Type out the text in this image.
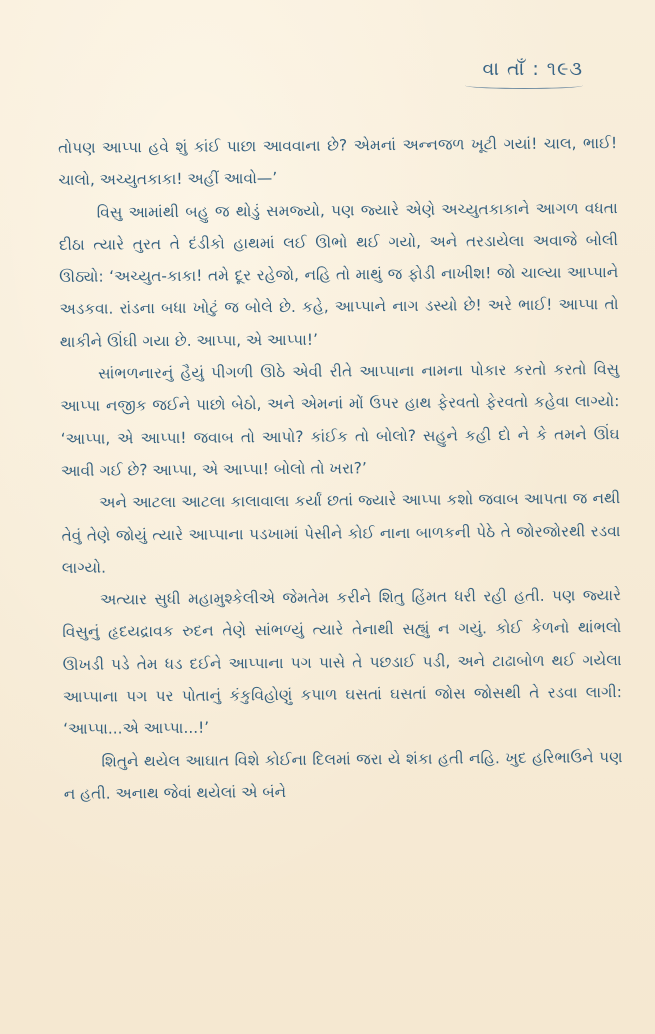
વા તાઁ : ૧૯૩

તોપણ આપ્પા હવે શું કાંઈ પાછા આવવાના છે? એમનાં અન્નજળ ખૂટી ગયાં! ચાલ, ભાઈ! ચાલો, અચ્યુતકાકા! અહીં આવો—’

વિસુ આમાંથી બહુ જ થોડું સમજ્યો, પણ જ્યારે એણે અચ્યુતકાકાને આગળ વધતા દીઠા ત્યારે તુરત તે દંડીકો હાથમાં લઈ ઊભો થઈ ગયો, અને તરડાયેલા અવાજે બોલી ઊઠ્યો: ‘અચ્યુત-કાકા! તમે દૂર રહેજો, નહિ તો માથું જ ફોડી નાખીશ! જો ચાલ્યા આપ્પાને અડકવા. રાંડના બધા ખોટું જ બોલે છે. કહે, આપ્પાને નાગ ડસ્યો છે! અરે ભાઈ! આપ્પા તો થાકીને ઊંઘી ગયા છે. આપ્પા, એ આપ્પા!’

સાંભળનારનું હૈયું પીગળી ઊઠે એવી રીતે આપ્પાના નામના પોકાર કરતો કરતો વિસુ આપ્પા નજીક જઈને પાછો બેઠો, અને એમનાં મોં ઉપર હાથ ફેરવતો ફેરવતો કહેવા લાગ્યો: ‘આપ્પા, એ આપ્પા! જવાબ તો આપો? કાંઈક તો બોલો? સહુને કહી દો ને કે તમને ઊંઘ આવી ગઈ છે? આપ્પા, એ આપ્પા! બોલો તો ખરા?’

અને આટલા આટલા કાલાવાલા કર્યાં છતાં જ્યારે આપ્પા કશો જવાબ આપતા જ નથી તેવું તેણે જોયું ત્યારે આપ્પાના પડખામાં પેસીને કોઈ નાના બાળકની પેઠે તે જોરજોરથી રડવા લાગ્યો.

અત્યાર સુધી મહામુશ્કેલીએ જેમતેમ કરીને શિતુ હિંમત ધરી રહી હતી. પણ જ્યારે વિસુનું હૃદયદ્રાવક રુદન તેણે સાંભળ્યું ત્યારે તેનાથી સહ્યું ન ગયું. કોઈ કેળનો થાંભલો ઊખડી પડે તેમ ધડ દઈને આપ્પાના પગ પાસે તે પછડાઈ પડી, અને ટાઢાબોળ થઈ ગયેલા આપ્પાના પગ પર પોતાનું કંકુવિહોણું કપાળ ઘસતાં ઘસતાં જોસ જોસથી તે રડવા લાગી: ‘આપ્પા...એ આપ્પા...!’

શિતુને થયેલ આઘાત વિશે કોઈના દિલમાં જરા યે શંકા હતી નહિ. ખુદ હરિભાઉને પણ ન હતી. અનાથ જેવાં થયેલાં એ બંને
